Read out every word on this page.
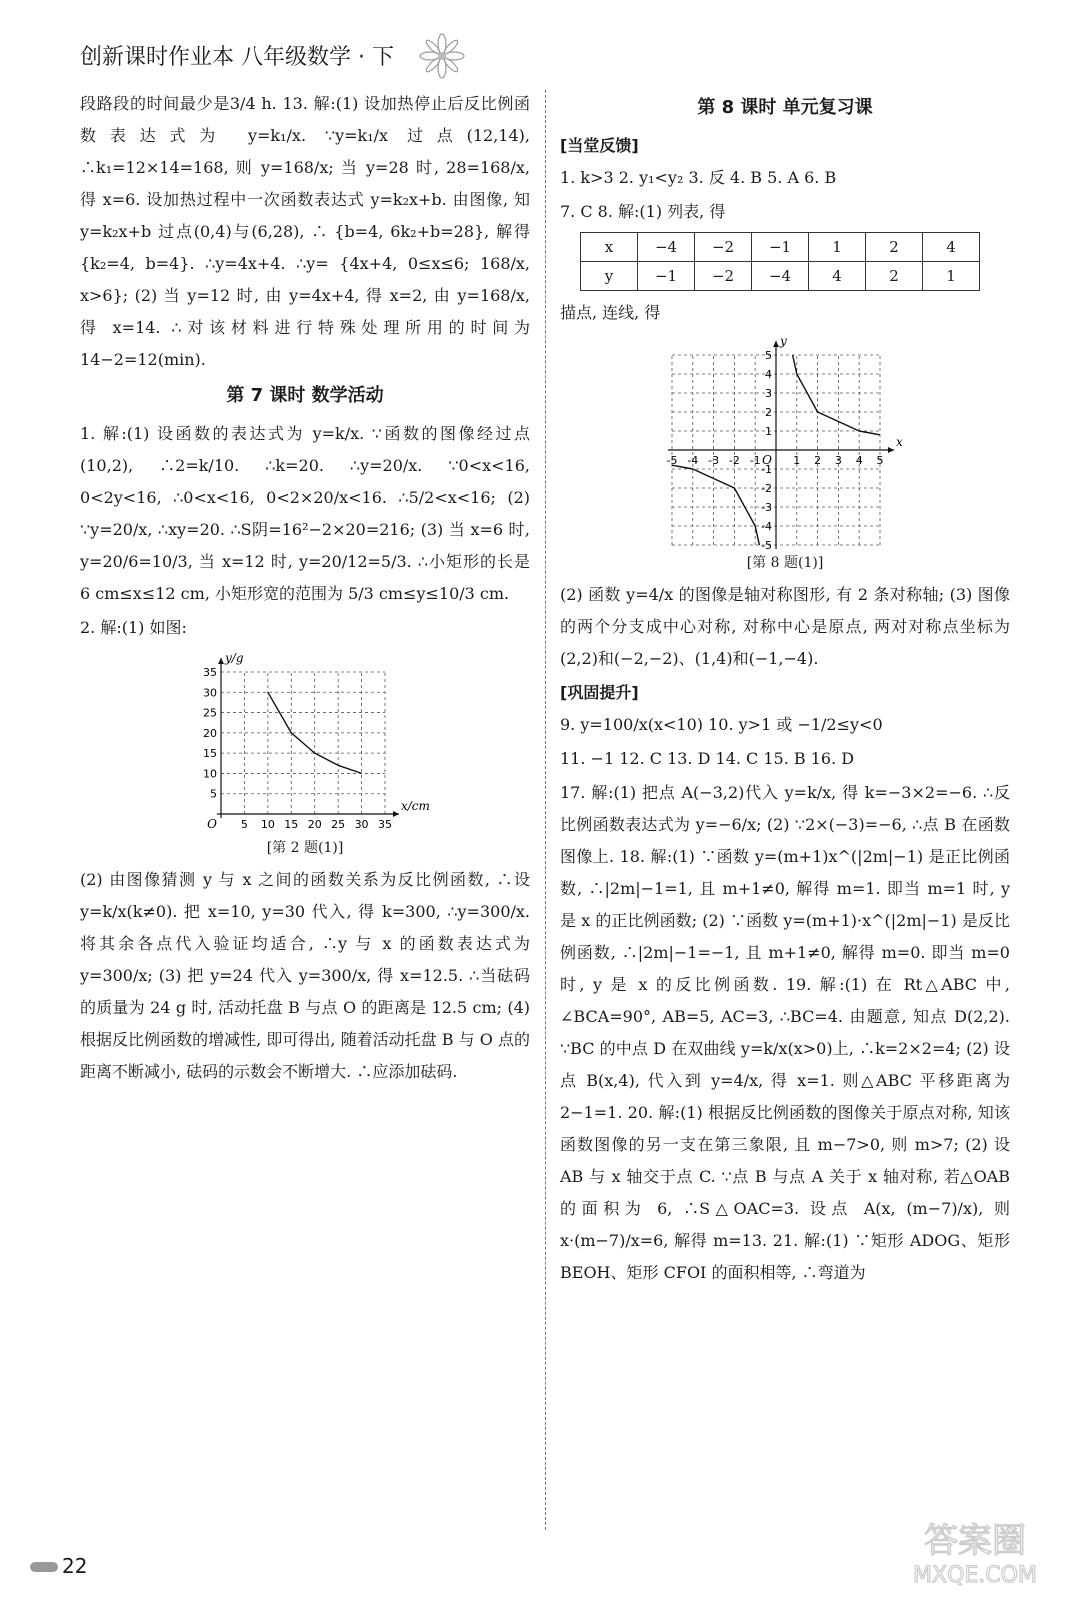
创新课时作业本 八年级数学 · 下

段路段的时间最少是3/4 h. 13. 解:(1) 设加热停止后反比例函数表达式为 y=k₁/x. ∵y=k₁/x 过点(12,14), ∴k₁=12×14=168, 则 y=168/x; 当 y=28 时, 28=168/x, 得 x=6. 设加热过程中一次函数表达式 y=k₂x+b. 由图像, 知 y=k₂x+b 过点(0,4)与(6,28), ∴ {b=4, 6k₂+b=28}, 解得 {k₂=4, b=4}. ∴y=4x+4. ∴y= {4x+4, 0≤x≤6; 168/x, x>6}; (2) 当 y=12 时, 由 y=4x+4, 得 x=2, 由 y=168/x, 得 x=14. ∴对该材料进行特殊处理所用的时间为 14−2=12(min).

第 7 课时 数学活动

1. 解:(1) 设函数的表达式为 y=k/x. ∵函数的图像经过点(10,2), ∴2=k/10. ∴k=20. ∴y=20/x. ∵0<x<16, 0<2y<16, ∴0<x<16, 0<2×20/x<16. ∴5/2<x<16; (2) ∵y=20/x, ∴xy=20. ∴S阴=16²−2×20=216; (3) 当 x=6 时, y=20/6=10/3, 当 x=12 时, y=20/12=5/3. ∴小矩形的长是 6 cm≤x≤12 cm, 小矩形宽的范围为 5/3 cm≤y≤10/3 cm.

2. 解:(1) 如图:

5 10 15 20 25 30 35
5
10
15
20
25
30
35
O
x/cm
y/g
[第 2 题(1)]

(2) 由图像猜测 y 与 x 之间的函数关系为反比例函数, ∴设 y=k/x(k≠0). 把 x=10, y=30 代入, 得 k=300, ∴y=300/x. 将其余各点代入验证均适合, ∴y 与 x 的函数表达式为 y=300/x; (3) 把 y=24 代入 y=300/x, 得 x=12.5. ∴当砝码的质量为 24 g 时, 活动托盘 B 与点 O 的距离是 12.5 cm; (4) 根据反比例函数的增减性, 即可得出, 随着活动托盘 B 与 O 点的距离不断减小, 砝码的示数会不断增大. ∴应添加砝码.

第 8 课时 单元复习课
[当堂反馈]

1. k>3 2. y₁<y₂ 3. 反 4. B 5. A 6. B

7. C 8. 解:(1) 列表, 得

x	−4	−2	−1	1	2	4
y	−1	−2	−4	4	2	1

描点, 连线, 得

-5 -4 -3 -2 -1	1 2 3 4 5
-5
-4
-3
-2
-1
1
2
3
4
5
O
x
y
[第 8 题(1)]

(2) 函数 y=4/x 的图像是轴对称图形, 有 2 条对称轴; (3) 图像的两个分支成中心对称, 对称中心是原点, 两对对称点坐标为(2,2)和(−2,−2)、(1,4)和(−1,−4).

[巩固提升]

9. y=100/x(x<10) 10. y>1 或 −1/2≤y<0

11. −1 12. C 13. D 14. C 15. B 16. D

17. 解:(1) 把点 A(−3,2)代入 y=k/x, 得 k=−3×2=−6. ∴反比例函数表达式为 y=−6/x; (2) ∵2×(−3)=−6, ∴点 B 在函数图像上. 18. 解:(1) ∵函数 y=(m+1)x^(|2m|−1) 是正比例函数, ∴|2m|−1=1, 且 m+1≠0, 解得 m=1. 即当 m=1 时, y 是 x 的正比例函数; (2) ∵函数 y=(m+1)·x^(|2m|−1) 是反比例函数, ∴|2m|−1=−1, 且 m+1≠0, 解得 m=0. 即当 m=0 时, y 是 x 的反比例函数. 19. 解:(1) 在 Rt△ABC 中, ∠BCA=90°, AB=5, AC=3, ∴BC=4. 由题意, 知点 D(2,2). ∵BC 的中点 D 在双曲线 y=k/x(x>0)上, ∴k=2×2=4; (2) 设点 B(x,4), 代入到 y=4/x, 得 x=1. 则△ABC 平移距离为 2−1=1. 20. 解:(1) 根据反比例函数的图像关于原点对称, 知该函数图像的另一支在第三象限, 且 m−7>0, 则 m>7; (2) 设 AB 与 x 轴交于点 C. ∵点 B 与点 A 关于 x 轴对称, 若△OAB 的面积为 6, ∴S△OAC=3. 设点 A(x, (m−7)/x), 则 x·(m−7)/x=6, 解得 m=13. 21. 解:(1) ∵矩形 ADOG、矩形 BEOH、矩形 CFOI 的面积相等, ∴弯道为

22
答案圈
MXQE.COM
